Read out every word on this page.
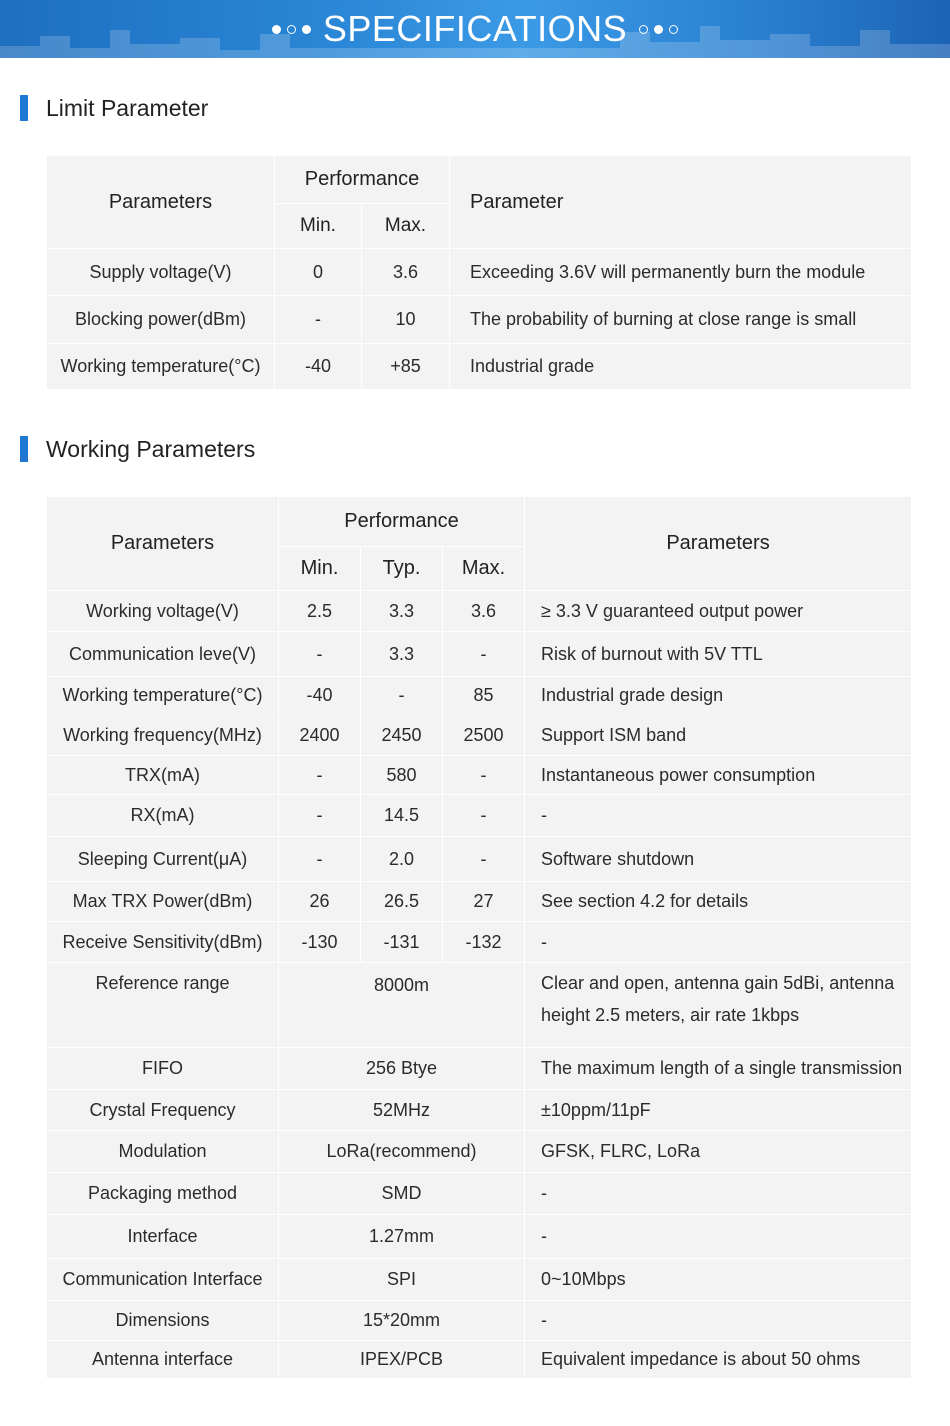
SPECIFICATIONS
Limit Parameter
Parameters	Performance		Parameter
	Min.	Max.	
Supply voltage(V)	0	3.6	Exceeding 3.6V will permanently burn the module
Blocking power(dBm)	-	10	The probability of burning at close range is small
Working temperature(°C)	-40	+85	Industrial grade
Working Parameters
Parameters	Performance			Parameters
	Min.	Typ.	Max.	
Working voltage(V)	2.5	3.3	3.6	≥ 3.3 V guaranteed output power
Communication leve(V)	-	3.3	-	Risk of burnout with 5V TTL
Working temperature(°C)	-40	-	85	Industrial grade design
Working frequency(MHz)	2400	2450	2500	Support ISM band
TRX(mA)	-	580	-	Instantaneous power consumption
RX(mA)	-	14.5	-	-
Sleeping Current(μA)	-	2.0	-	Software shutdown
Max TRX Power(dBm)	26	26.5	27	See section 4.2 for details
Receive Sensitivity(dBm)	-130	-131	-132	-
Reference range	8000m			Clear and open, antenna gain 5dBi, antenna height 2.5 meters, air rate 1kbps
FIFO	256 Btye			The maximum length of a single transmission
Crystal Frequency	52MHz			±10ppm/11pF
Modulation	LoRa(recommend)			GFSK, FLRC, LoRa
Packaging method	SMD			-
Interface	1.27mm			-
Communication Interface	SPI			0~10Mbps
Dimensions	15*20mm			-
Antenna interface	IPEX/PCB			Equivalent impedance is about 50 ohms
